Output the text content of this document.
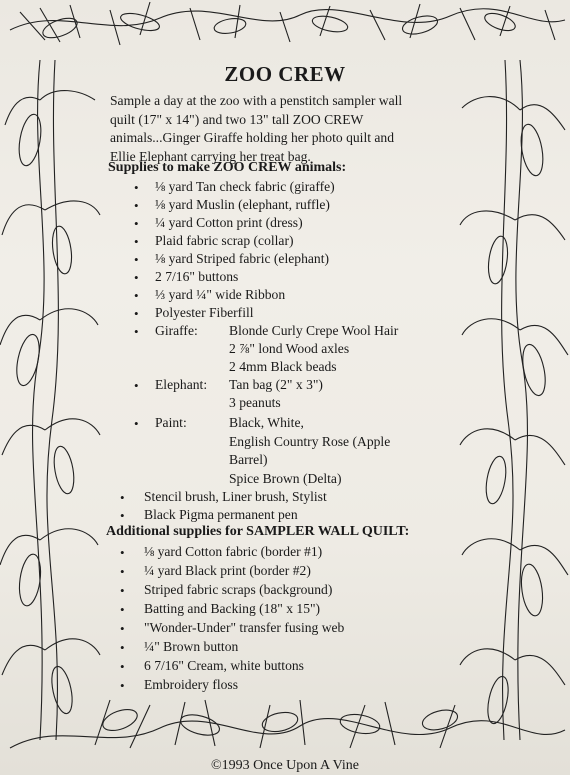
ZOO CREW
Sample a day at the zoo with a penstitch sampler wall
quilt (17" x 14") and two 13" tall ZOO CREW
animals...Ginger Giraffe holding her photo quilt and
Ellie Elephant carrying her treat bag.
Supplies to make ZOO CREW animals:
• ⅛ yard Tan check fabric (giraffe)
• ⅛ yard Muslin (elephant, ruffle)
• ¼ yard Cotton print (dress)
• Plaid fabric scrap (collar)
• ⅛ yard Striped fabric (elephant)
• 2 7/16" buttons
• ⅓ yard ¼" wide Ribbon
• Polyester Fiberfill
• Giraffe: Blonde Curly Crepe Wool Hair
2 ⅞" lond Wood axles
2 4mm Black beads
• Elephant: Tan bag (2" x 3")
3 peanuts
• Paint:	Black, White,
English Country Rose (Apple
Barrel)
Spice Brown (Delta)
• Stencil brush, Liner brush, Stylist
• Black Pigma permanent pen
Additional supplies for SAMPLER WALL QUILT:
• ⅛ yard Cotton fabric (border #1)
• ¼ yard Black print (border #2)
• Striped fabric scraps (background)
• Batting and Backing (18" x 15")
• "Wonder-Under" transfer fusing web
• ¼" Brown button
• 6 7/16" Cream, white buttons
• Embroidery floss
©1993 Once Upon A Vine
